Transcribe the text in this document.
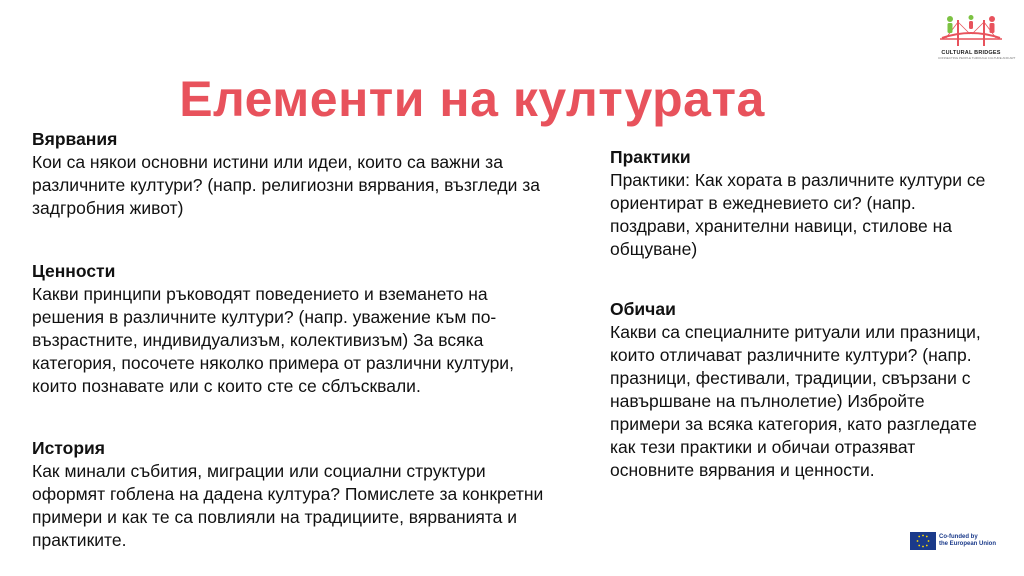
Елементи на културата
CULTURAL BRIDGES
CONNECTING PEOPLE THROUGH CULTURE AND ART
Вярвания

Кои са някои основни истини или идеи, които са важни за различните култури? (напр. религиозни вярвания, възгледи за задгробния живот)

Ценности

Какви принципи ръководят поведението и вземането на решения в различните култури? (напр. уважение към по-възрастните, индивидуализъм, колективизъм) За всяка категория, посочете няколко примера от различни култури, които познавате или с които сте се сблъсквали.

История

Как минали събития, миграции или социални структури оформят гоблена на дадена култура? Помислете за конкретни примери и как те са повлияли на традициите, вярванията и практиките.

Практики

Практики: Как хората в различните култури се ориентират в ежедневието си? (напр. поздрави, хранителни навици, стилове на общуване)

Обичаи

Какви са специалните ритуали или празници, които отличават различните култури? (напр. празници, фестивали, традиции, свързани с навършване на пълнолетие) Избройте примери за всяка категория, като разгледате как тези практики и обичаи отразяват основните вярвания и ценности.

Co-funded by
the European Union
